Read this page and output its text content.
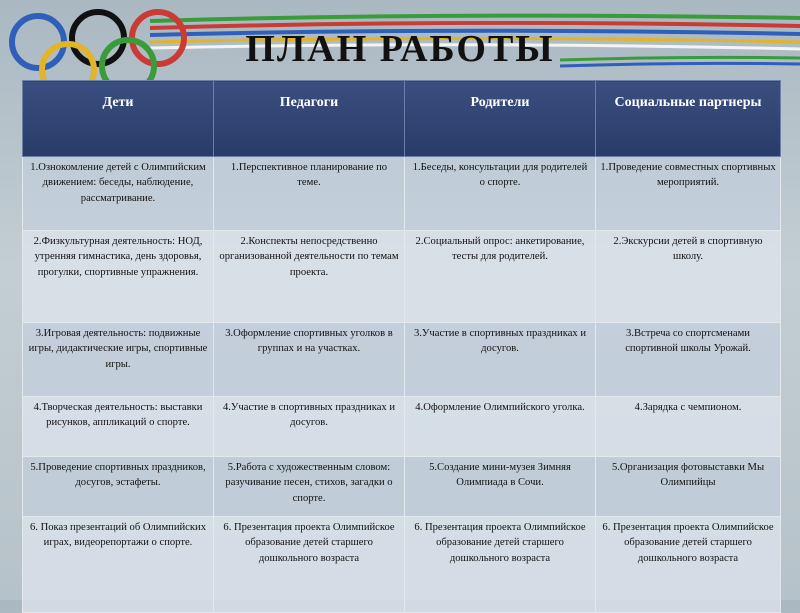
ПЛАН РАБОТЫ
Дети	Педагоги	Родители	Социальные партнеры
1.Ознокомление детей с Олимпийским движением: беседы, наблюдение, рассматривание.	1.Перспективное планирование по теме.	1.Беседы, консультации для родителей о спорте.	1.Проведение совместных спортивных мероприятий.
2.Физкультурная деятельность: НОД, утренняя гимнастика, день здоровья, прогулки, спортивные упражнения.	2.Конспекты непосредственно организованной деятельности по темам проекта.	2.Социальный опрос: анкетирование, тесты для родителей.	2.Экскурсии детей в спортивную школу.
3.Игровая деятельность: подвижные игры, дидактические игры, спортивные игры.	3.Оформление спортивных уголков в группах и на участках.	3.Участие в спортивных праздниках и досугов.	3.Встреча со спортсменами спортивной школы Урожай.
4.Творческая деятельность: выставки рисунков, аппликаций о спорте.	4.Участие в спортивных праздниках и досугов.	4.Оформление Олимпийского уголка.	4.Зарядка с чемпионом.
5.Проведение спортивных праздников, досугов, эстафеты.	5.Работа с художественным словом: разучивание песен, стихов, загадки о спорте.	5.Создание мини-музея Зимняя Олимпиада в Сочи.	5.Организация фотовыставки Мы Олимпийцы
6. Показ презентаций об Олимпийских играх, видеорепортажи о спорте.	6. Презентация проекта Олимпийское образование детей старшего дошкольного возраста	6. Презентация проекта Олимпийское образование детей старшего дошкольного возраста	6. Презентация проекта Олимпийское образование детей старшего дошкольного возраста
